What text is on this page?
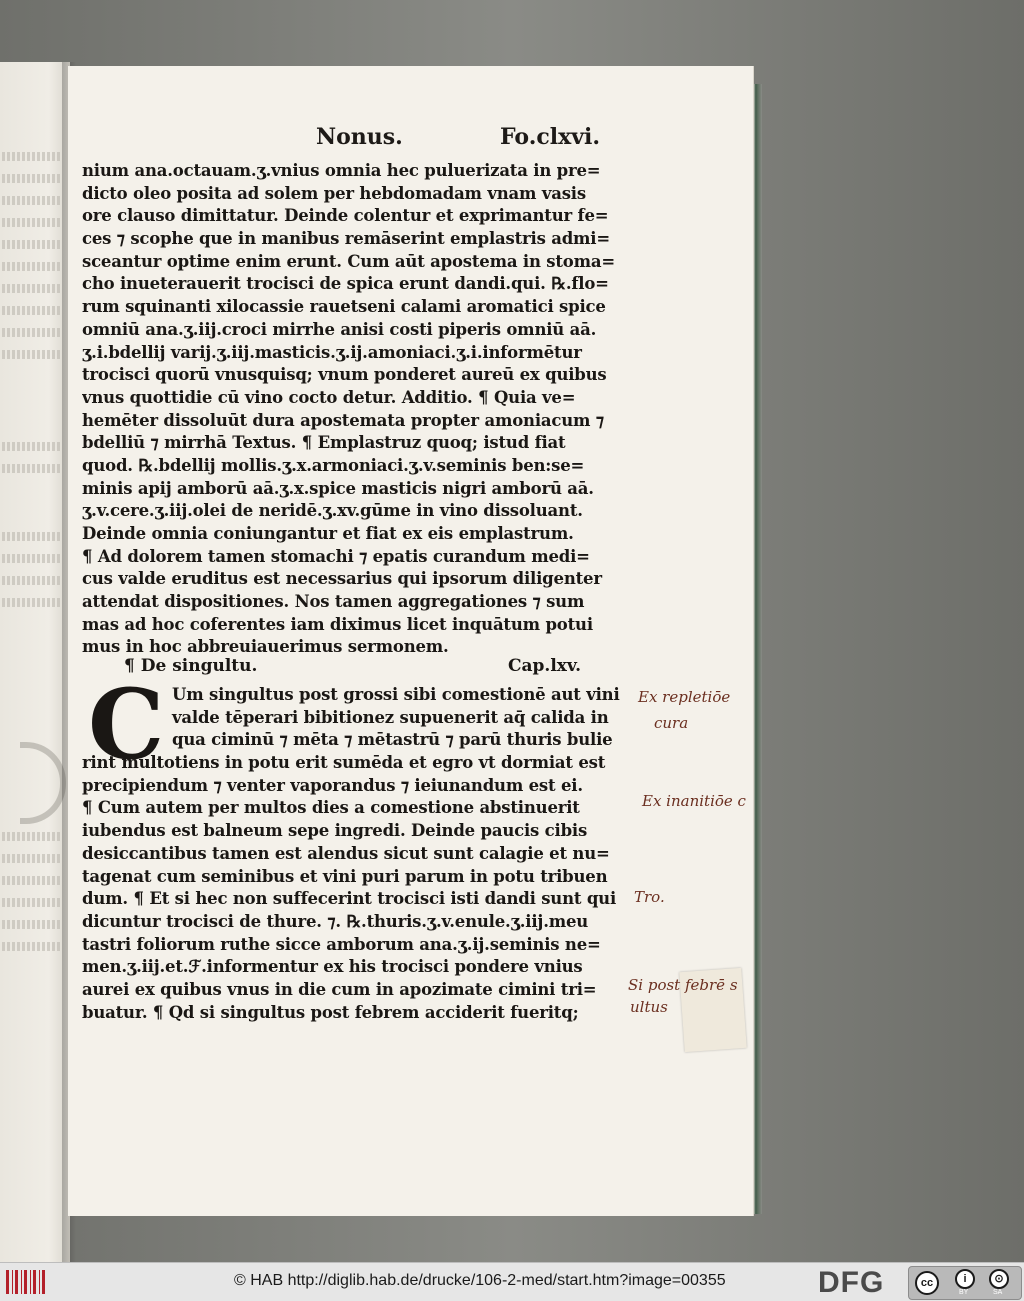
Nonus.	Fo.clxvi.
nium ana.octauam.ʒ.vnius omnia hec puluerizata in pre=
dicto oleo posita ad solem per hebdomadam vnam vasis
ore clauso dimittatur. Deinde colentur et exprimantur fe=
ces ⁊ scophe que in manibus remāserint emplastris admi=
sceantur optime enim erunt. Cum aūt apostema in stoma=
cho inueterauerit trocisci de spica erunt dandi.qui. ℞.flo=
rum squinanti xilocassie rauetseni calami aromatici spice
omniū ana.ʒ.iij.croci mirrhe anisi costi piperis omniū aā.
ʒ.i.bdellij varij.ʒ.iij.masticis.ʒ.ij.amoniaci.ʒ.i.informētur
trocisci quorū vnusquisq; vnum ponderet aureū ex quibus
vnus quottidie cū vino cocto detur. Additio. ¶ Quia ve=
hemēter dissoluūt dura apostemata propter amoniacum ⁊
bdelliū ⁊ mirrhā Textus. ¶ Emplastruz quoq; istud fiat
quod. ℞.bdellij mollis.ʒ.x.armoniaci.ʒ.v.seminis ben:se=
minis apij amborū aā.ʒ.x.spice masticis nigri amborū aā.
ʒ.v.cere.ʒ.iij.olei de neridē.ʒ.xv.gūme in vino dissoluant.
Deinde omnia coniungantur et fiat ex eis emplastrum.
¶ Ad dolorem tamen stomachi ⁊ epatis curandum medi=
cus valde eruditus est necessarius qui ipsorum diligenter
attendat dispositiones. Nos tamen aggregationes ⁊ sum
mas ad hoc coferentes iam diximus licet inquātum potui
mus in hoc abbreuiauerimus sermonem.
¶ De singultu.	Cap.lxv.
C Um singultus post grossi sibi comestionē aut vini
valde tēperari bibitionez supuenerit aq̄ calida in
qua ciminū ⁊ mēta ⁊ mētastrū ⁊ parū thuris bulie
rint multotiens in potu erit sumēda et egro vt dormiat est
precipiendum ⁊ venter vaporandus ⁊ ieiunandum est ei.
¶ Cum autem per multos dies a comestione abstinuerit
iubendus est balneum sepe ingredi. Deinde paucis cibis
desiccantibus tamen est alendus sicut sunt calagie et nu=
tagenat cum seminibus et vini puri parum in potu tribuen
dum. ¶ Et si hec non suffecerint trocisci isti dandi sunt qui
dicuntur trocisci de thure. ⁊. ℞.thuris.ʒ.v.enule.ʒ.iij.meu
tastri foliorum ruthe sicce amborum ana.ʒ.ij.seminis ne=
men.ʒ.iij.et.ℱ.informentur ex his trocisci pondere vnius
aurei ex quibus vnus in die cum in apozimate cimini tri=
buatur. ¶ Qd si singultus post febrem acciderit fueritq;
Ex repletiōe
cura
Ex inanitiōe c
Tro.
Si post febrē s
ultus
© HAB http://diglib.hab.de/drucke/106-2-med/start.htm?image=00355	DFG	cc	i	⊙
BY	SA
